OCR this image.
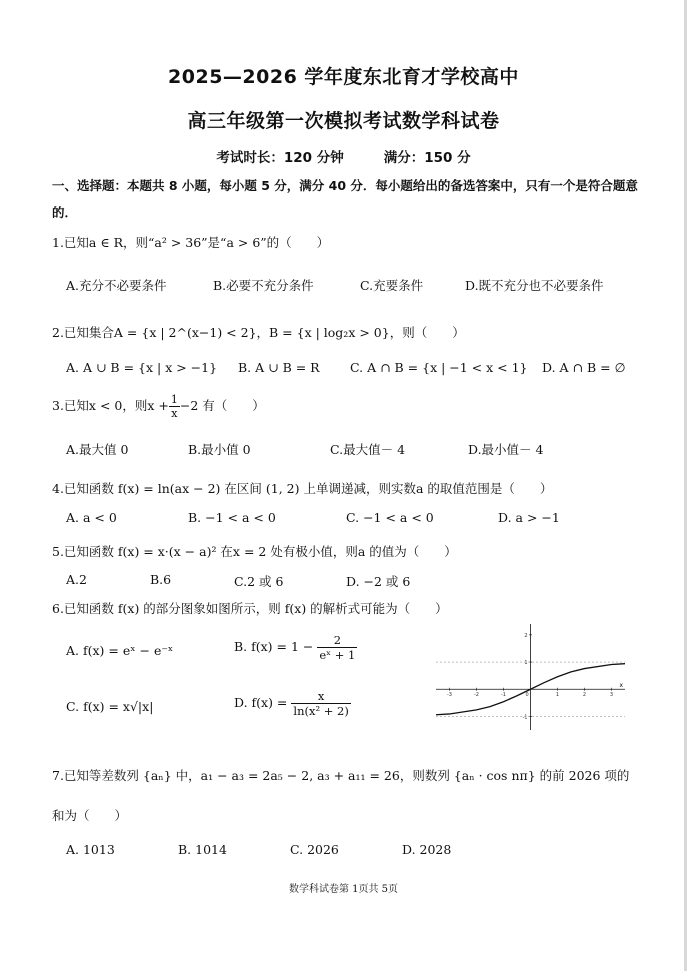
2025—2026 学年度东北育才学校高中
高三年级第一次模拟考试数学科试卷
考试时长：120 分钟	满分：150 分
一、选择题：本题共 8 小题，每小题 5 分，满分 40 分．每小题给出的备选答案中，只有一个是符合题意的．
1.已知a ∈ R，则“a² > 36”是“a > 6”的（　　）
A.充分不必要条件	B.必要不充分条件	C.充要条件	D.既不充分也不必要条件
2.已知集合A = {x | 2^(x−1) < 2}，B = {x | log₂x > 0}，则（　　）
A. A ∪ B = {x | x > −1} B. A ∪ B = R C. A ∩ B = {x | −1 < x < 1} D. A ∩ B = ∅
3.已知x < 0，则$x + \frac{1}{x} -2$ 有（　　）
A.最大值 0	B.最小值 0	C.最大值－ 4	D.最小值－ 4
4.已知函数 f(x) = ln(ax − 2) 在区间 (1, 2) 上单调递减，则实数a 的取值范围是（　　）
A. a < 0	B. −1 < a < 0	C. −1 < a < 0	D. a > −1
5.已知函数 f(x) = x·(x − a)² 在x = 2 处有极小值，则a 的值为（　　）
A.2	B.6	C.2 或 6	D. −2 或 6
6.已知函数 f(x) 的部分图象如图所示，则 f(x) 的解析式可能为（　　）
A. f(x) = eˣ − e⁻ˣ	B. $f(x) = 1 - \frac{2}{\text{eˣ + 1}}$
C. f(x) = x√|x|	D. $f(x) = \frac{x}{\text{ln(x² + 2)}}$
x
-3	-2	-1	0	1	2	3
2
1
-1
7.已知等差数列 {aₙ} 中，a₁ − a₃ = 2a₅ − 2, a₃ + a₁₁ = 26，则数列 {aₙ · cos nπ} 的前 2026 项的
和为（　　）
A. 1013	B. 1014	C. 2026	D. 2028
数学科试卷第 1页共 5页
